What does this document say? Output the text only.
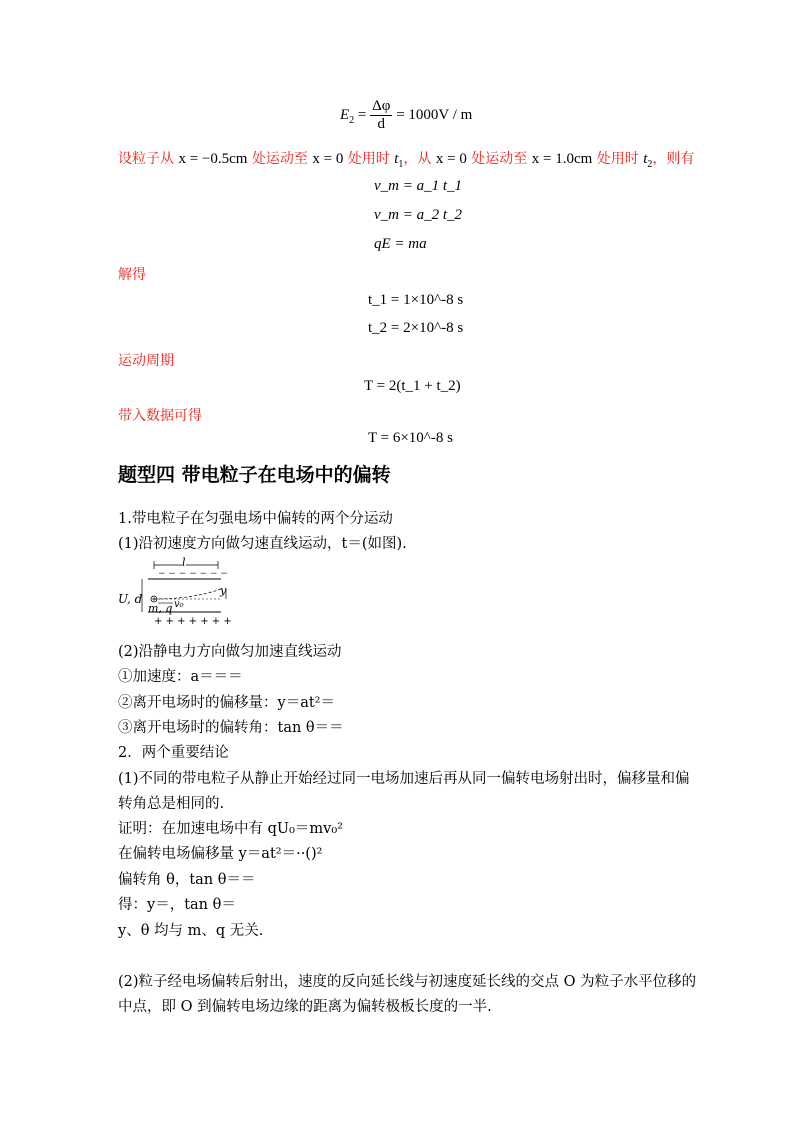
$E_2 = \frac{\Delta\varphi}{d} = 1000V / m$
设粒子从 x = −0.5cm 处运动至 x = 0 处用时 $t_1$，从 x = 0 处运动至 x = 1.0cm 处用时 $t_2$，则有
v_m = a_1 t_1
v_m = a_2 t_2
qE = ma
解得
t_1 = 1×10^-8 s
t_2 = 2×10^-8 s
运动周期
T = 2(t_1 + t_2)
带入数据可得
T = 6×10^-8 s
题型四 带电粒子在电场中的偏转
1.带电粒子在匀强电场中偏转的两个分运动
(1)沿初速度方向做匀速直线运动，t＝(如图).
l
− − − − − − −
y
U, d
m, q v₀
+ + + + + + +
(2)沿静电力方向做匀加速直线运动
①加速度：a＝＝＝
②离开电场时的偏移量：y＝at²＝
③离开电场时的偏转角：tan θ＝＝
2．两个重要结论
(1)不同的带电粒子从静止开始经过同一电场加速后再从同一偏转电场射出时，偏移量和偏
转角总是相同的.
证明：在加速电场中有 qU₀＝mv₀²
在偏转电场偏移量 y＝at²＝··()²
偏转角 θ，tan θ＝＝
得：y＝，tan θ＝
y、θ 均与 m、q 无关.
(2)粒子经电场偏转后射出，速度的反向延长线与初速度延长线的交点 O 为粒子水平位移的
中点，即 O 到偏转电场边缘的距离为偏转极板长度的一半.
